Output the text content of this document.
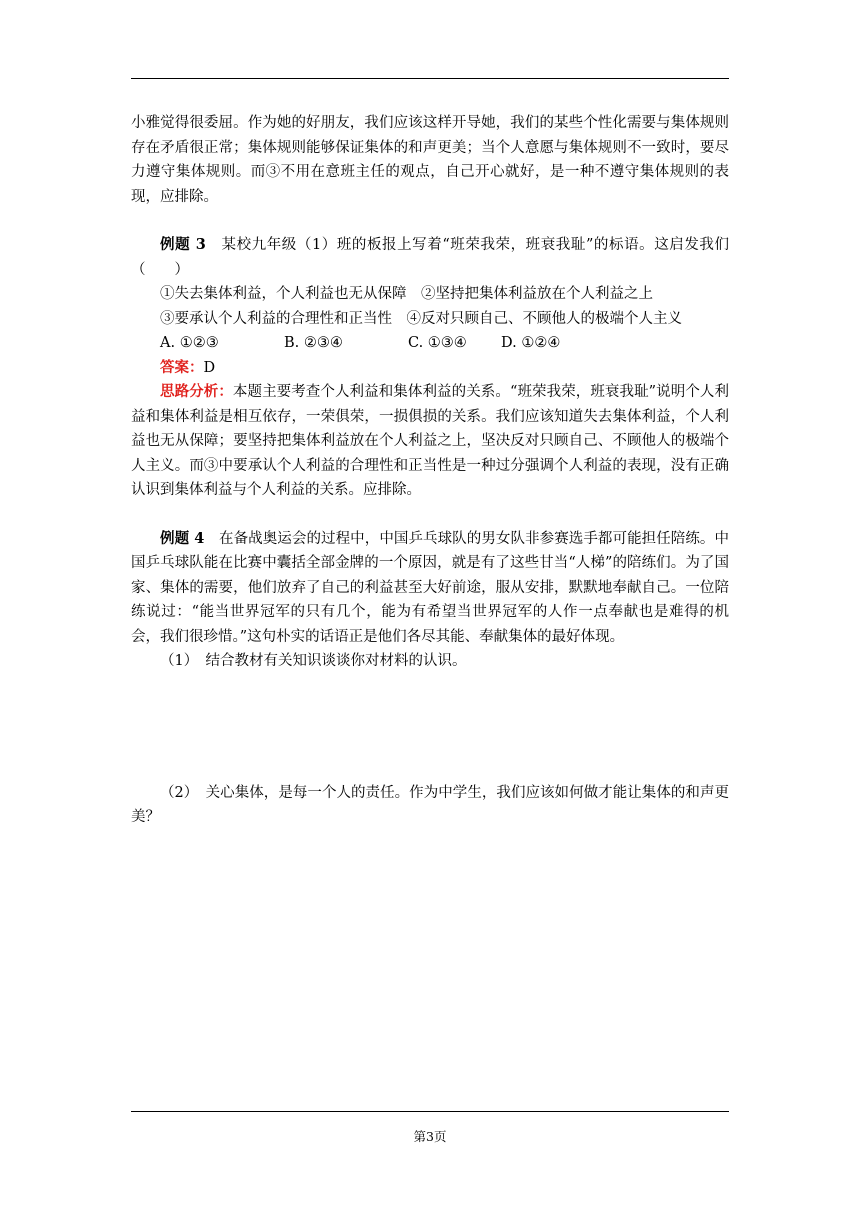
小雅觉得很委屈。作为她的好朋友，我们应该这样开导她，我们的某些个性化需要与集体规则存在矛盾很正常；集体规则能够保证集体的和声更美；当个人意愿与集体规则不一致时，要尽力遵守集体规则。而③不用在意班主任的观点，自己开心就好，是一种不遵守集体规则的表现，应排除。

例题 3　 某校九年级（1）班的板报上写着“班荣我荣，班衰我耻”的标语。这启发我们（　　）

①失去集体利益，个人利益也无从保障　②坚持把集体利益放在个人利益之上

③要承认个人利益的合理性和正当性　④反对只顾自己、不顾他人的极端个人主义

A. ①②③	B. ②③④	C. ①③④	D. ①②④

答案：D

思路分析：本题主要考查个人利益和集体利益的关系。“班荣我荣，班衰我耻”说明个人利益和集体利益是相互依存，一荣俱荣，一损俱损的关系。我们应该知道失去集体利益，个人利益也无从保障；要坚持把集体利益放在个人利益之上，坚决反对只顾自己、不顾他人的极端个人主义。而③中要承认个人利益的合理性和正当性是一种过分强调个人利益的表现，没有正确认识到集体利益与个人利益的关系。应排除。

例题 4　 在备战奥运会的过程中，中国乒乓球队的男女队非参赛选手都可能担任陪练。中国乒乓球队能在比赛中囊括全部金牌的一个原因，就是有了这些甘当“人梯”的陪练们。为了国家、集体的需要，他们放弃了自己的利益甚至大好前途，服从安排，默默地奉献自己。一位陪练说过：“能当世界冠军的只有几个，能为有希望当世界冠军的人作一点奉献也是难得的机会，我们很珍惜。”这句朴实的话语正是他们各尽其能、奉献集体的最好体现。

（1）　结合教材有关知识谈谈你对材料的认识。

（2）　关心集体，是每一个人的责任。作为中学生，我们应该如何做才能让集体的和声更美？

第3页
